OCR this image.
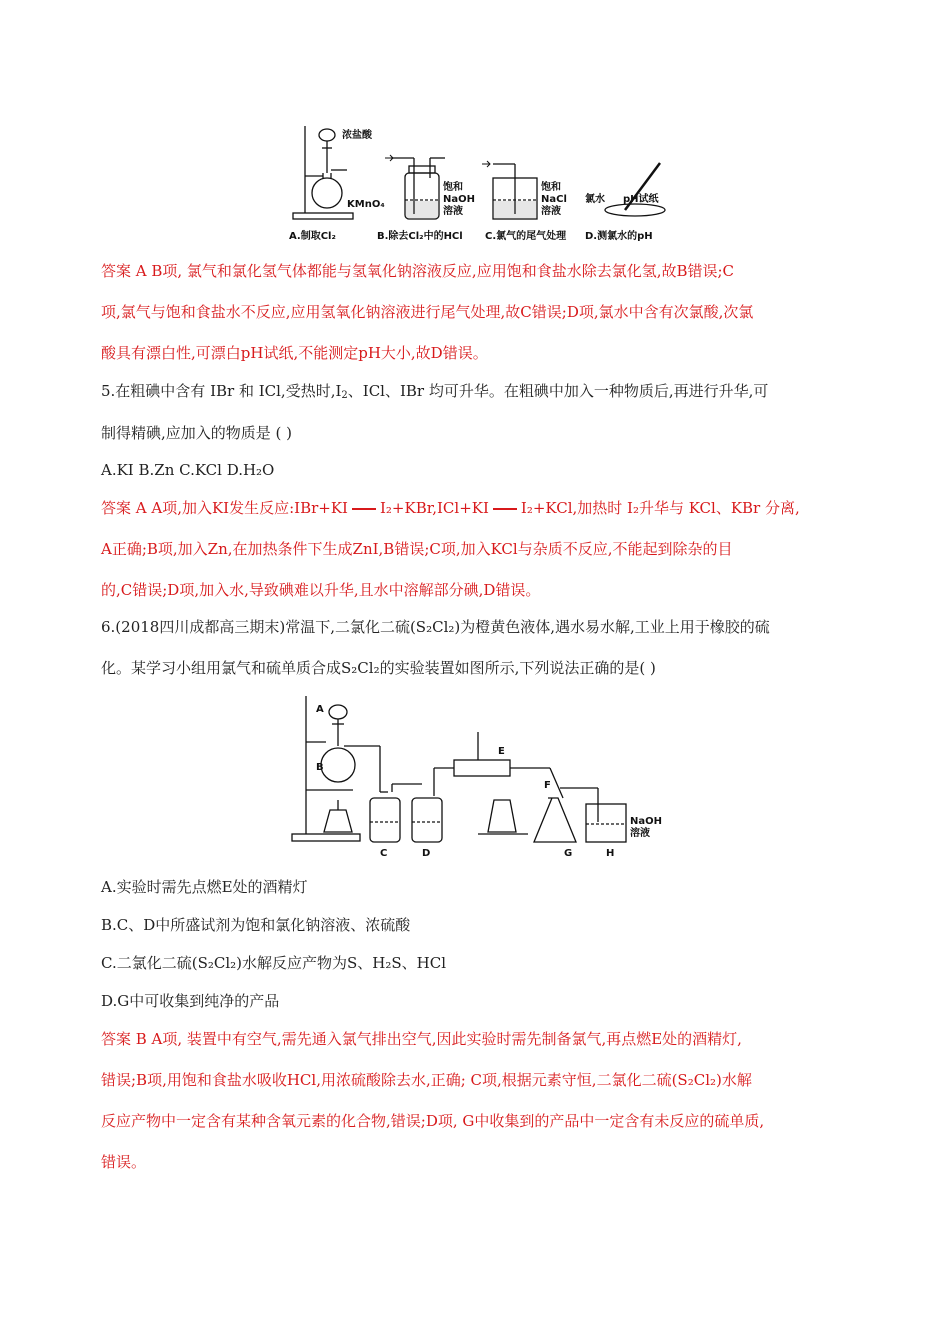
浓盐酸
KMnO₄
饱和
NaOH
溶液
饱和
NaCl
溶液
氯水 pH试纸
A.制取Cl₂	B.除去Cl₂中的HCl C.氯气的尾气处理 D.测氯水的pH
答案 A B项, 氯气和氯化氢气体都能与氢氧化钠溶液反应,应用饱和食盐水除去氯化氢,故B错误;C
项,氯气与饱和食盐水不反应,应用氢氧化钠溶液进行尾气处理,故C错误;D项,氯水中含有次氯酸,次氯
酸具有漂白性,可漂白pH试纸,不能测定pH大小,故D错误。
5.在粗碘中含有 IBr 和 ICl,受热时$,I_2$、ICl、IBr 均可升华。在粗碘中加入一种物质后,再进行升华,可
制得精碘,应加入的物质是 ( )
A.KI B.Zn C.KCl D.H₂O
答案 A A项,加入KI发生反应:IBr+KI I₂+KBr,ICl+KI I₂+KCl,加热时 I₂升华与 KCl、KBr 分离,
A正确;B项,加入Zn,在加热条件下生成ZnI,B错误;C项,加入KCl与杂质不反应,不能起到除杂的目
的,C错误;D项,加入水,导致碘难以升华,且水中溶解部分碘,D错误。
6.(2018四川成都高三期末)常温下,二氯化二硫(S₂Cl₂)为橙黄色液体,遇水易水解,工业上用于橡胶的硫
化。某学习小组用氯气和硫单质合成S₂Cl₂的实验装置如图所示,下列说法正确的是( )
A
B
C	D
E
F
G	H
NaOH
溶液
A.实验时需先点燃E处的酒精灯
B.C、D中所盛试剂为饱和氯化钠溶液、浓硫酸
C.二氯化二硫(S₂Cl₂)水解反应产物为S、H₂S、HCl
D.G中可收集到纯净的产品
答案 B A项, 装置中有空气,需先通入氯气排出空气,因此实验时需先制备氯气,再点燃E处的酒精灯,
错误;B项,用饱和食盐水吸收HCl,用浓硫酸除去水,正确; C项,根据元素守恒,二氯化二硫(S₂Cl₂)水解
反应产物中一定含有某种含氧元素的化合物,错误;D项, G中收集到的产品中一定含有未反应的硫单质,
错误。
